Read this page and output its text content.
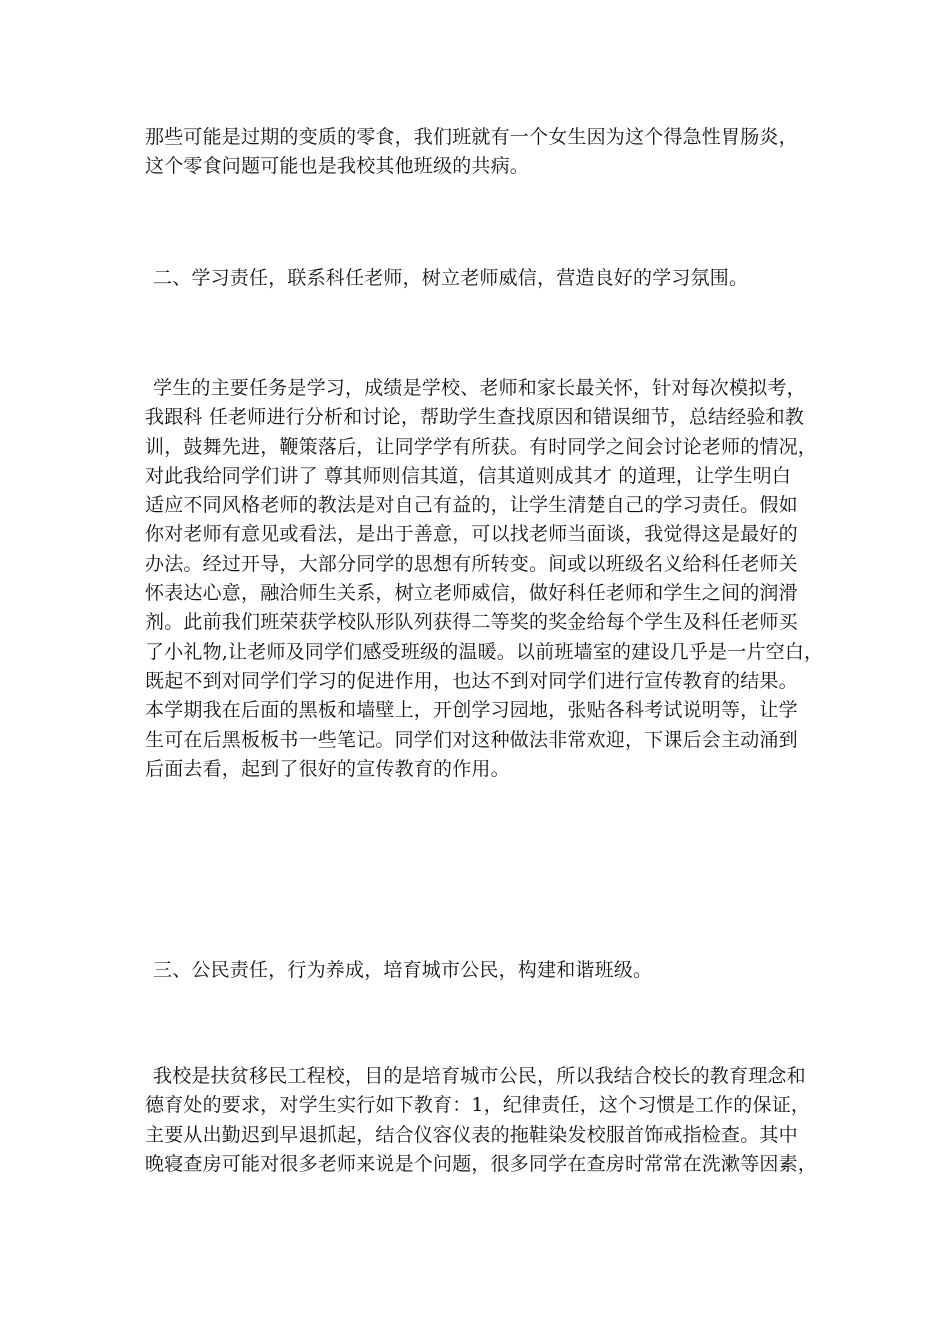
那些可能是过期的变质的零食，我们班就有一个女生因为这个得急性胃肠炎，
这个零食问题可能也是我校其他班级的共病。
二、学习责任，联系科任老师，树立老师威信，营造良好的学习氛围。
学生的主要任务是学习，成绩是学校、老师和家长最关怀，针对每次模拟考，
我跟科 任老师进行分析和讨论，帮助学生查找原因和错误细节，总结经验和教
训，鼓舞先进，鞭策落后，让同学学有所获。有时同学之间会讨论老师的情况，
对此我给同学们讲了 尊其师则信其道，信其道则成其才 的道理，让学生明白
适应不同风格老师的教法是对自己有益的，让学生清楚自己的学习责任。假如
你对老师有意见或看法，是出于善意，可以找老师当面谈，我觉得这是最好的
办法。经过开导，大部分同学的思想有所转变。间或以班级名义给科任老师关
怀表达心意，融洽师生关系，树立老师威信，做好科任老师和学生之间的润滑
剂。此前我们班荣获学校队形队列获得二等奖的奖金给每个学生及科任老师买
了小礼物,让老师及同学们感受班级的温暖。以前班墙室的建设几乎是一片空白，
既起不到对同学们学习的促进作用，也达不到对同学们进行宣传教育的结果。
本学期我在后面的黑板和墙壁上，开创学习园地，张贴各科考试说明等，让学
生可在后黑板板书一些笔记。同学们对这种做法非常欢迎，下课后会主动涌到
后面去看，起到了很好的宣传教育的作用。
三、公民责任，行为养成，培育城市公民，构建和谐班级。
我校是扶贫移民工程校，目的是培育城市公民，所以我结合校长的教育理念和
德育处的要求，对学生实行如下教育：1，纪律责任，这个习惯是工作的保证，
主要从出勤迟到早退抓起，结合仪容仪表的拖鞋染发校服首饰戒指检查。其中
晚寝查房可能对很多老师来说是个问题，很多同学在查房时常常在洗漱等因素，
